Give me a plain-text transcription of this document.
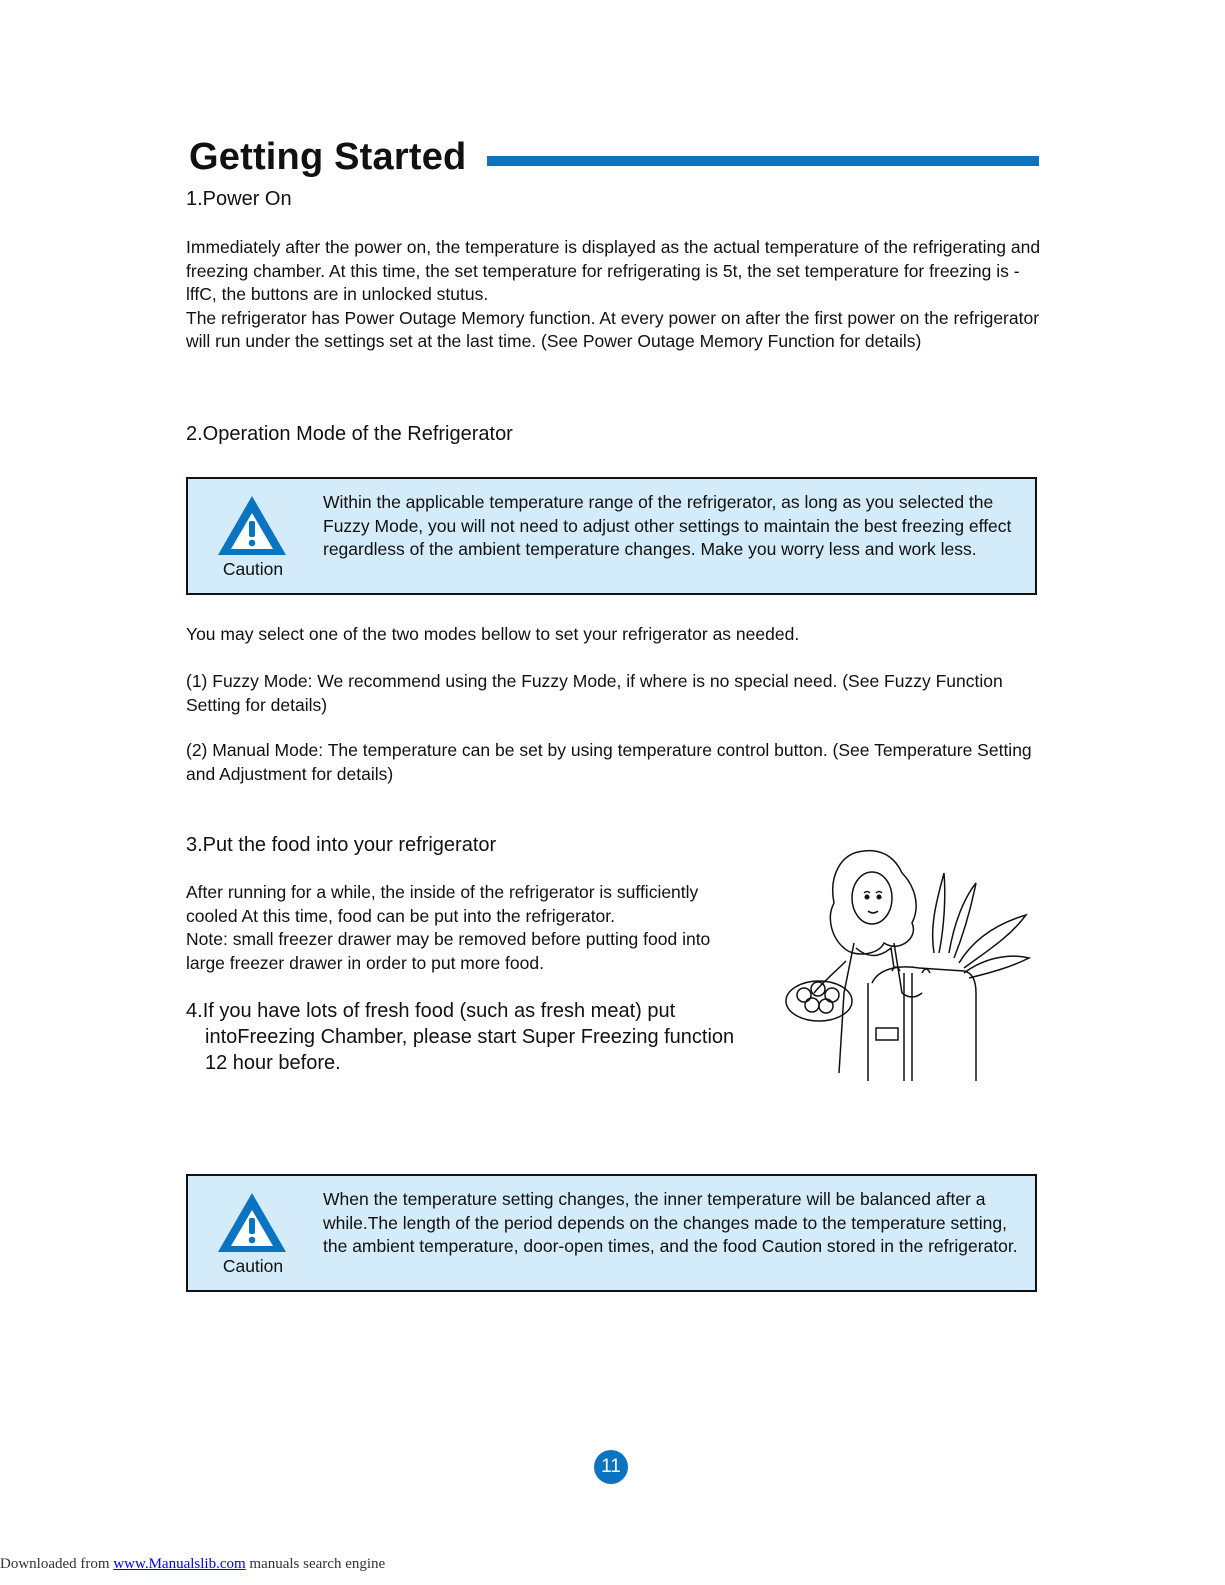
Getting Started
1.Power On

Immediately after the power on, the temperature is displayed as the actual temperature of the refrigerating and freezing chamber. At this time, the set temperature for refrigerating is 5t, the set temperature for freezing is -lffC, the buttons are in unlocked stutus.

The refrigerator has Power Outage Memory function. At every power on after the first power on the refrigerator will run under the settings set at the last time. (See Power Outage Memory Function for details)

2.Operation Mode of the Refrigerator
Caution
Within the applicable temperature range of the refrigerator, as long as you selected the Fuzzy Mode, you will not need to adjust other settings to maintain the best freezing effect regardless of the ambient temperature changes. Make you worry less and work less.
You may select one of the two modes bellow to set your refrigerator as needed.
(1) Fuzzy Mode: We recommend using the Fuzzy Mode, if where is no special need. (See Fuzzy Function Setting for details)
(2) Manual Mode: The temperature can be set by using temperature control button. (See Temperature Setting and Adjustment for details)
3.Put the food into your refrigerator
After running for a while, the inside of the refrigerator is sufficiently
cooled At this time, food can be put into the refrigerator.
Note: small freezer drawer may be removed before putting food into
large freezer drawer in order to put more food.
4. If you have lots of fresh food (such as fresh meat) put
intoFreezing Chamber, please start Super Freezing function
12 hour before.
Caution
When the temperature setting changes, the inner temperature will be balanced after a while.The length of the period depends on the changes made to the temperature setting, the ambient temperature, door-open times, and the food Caution stored in the refrigerator.
11
Downloaded from www.Manualslib.com manuals search engine
